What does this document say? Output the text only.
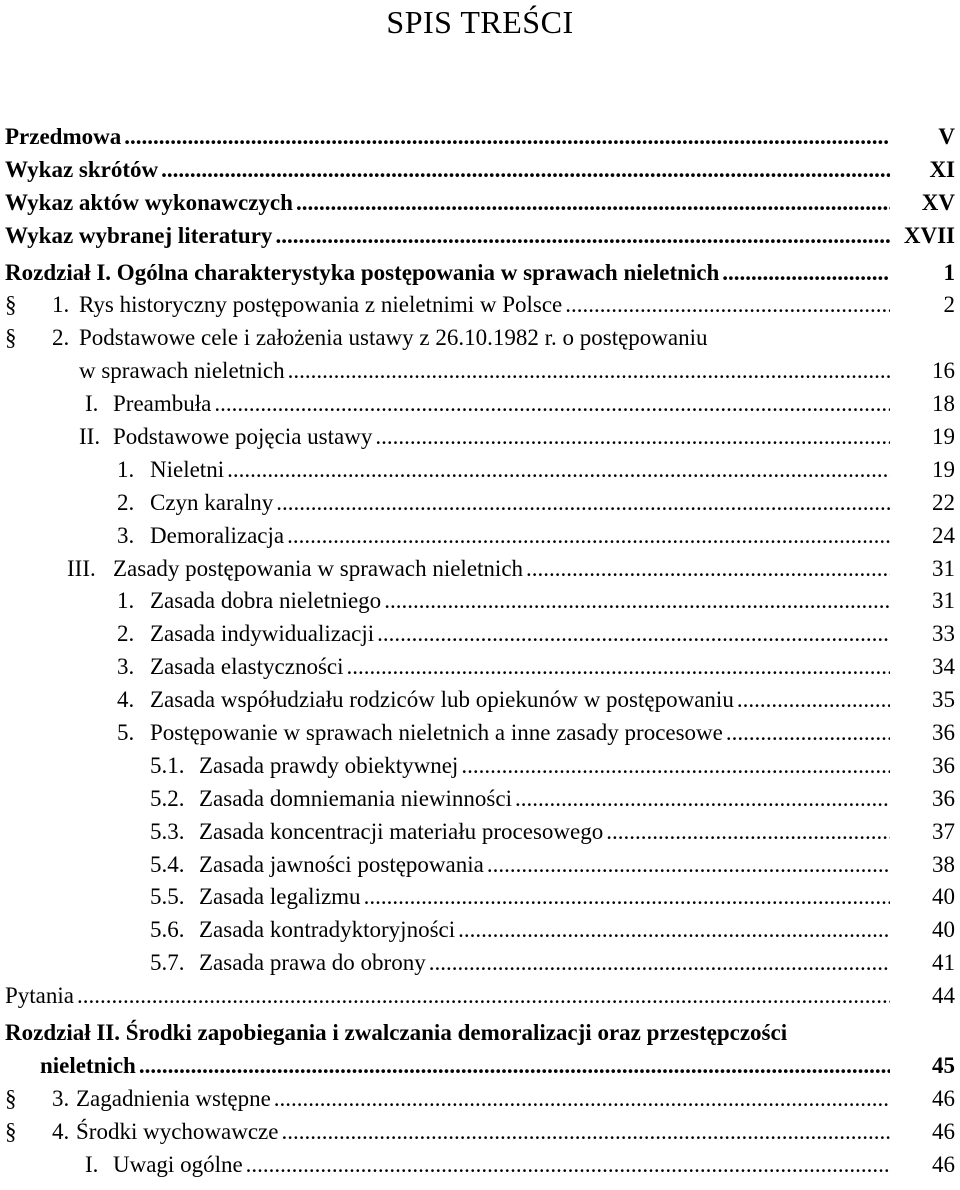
SPIS TREŚCI
Przedmowa .....	V
Wykaz skrótów .....	XI
Wykaz aktów wykonawczych .....	XV
Wykaz wybranej literatury .....	XVII
Rozdział I. Ogólna charakterystyka postępowania w sprawach nieletnich .....	1
§ 1. Rys historyczny postępowania z nieletnimi w Polsce .....	2
§ 2. Podstawowe cele i założenia ustawy z 26.10.1982 r. o postępowaniu
w sprawach nieletnich .....	16
I. Preambuła .....	18
II. Podstawowe pojęcia ustawy .....	19
1. Nieletni .....	19
2. Czyn karalny .....	22
3. Demoralizacja .....	24
III. Zasady postępowania w sprawach nieletnich .....	31
1. Zasada dobra nieletniego .....	31
2. Zasada indywidualizacji .....	33
3. Zasada elastyczności .....	34
4. Zasada współudziału rodziców lub opiekunów w postępowaniu .....	35
5. Postępowanie w sprawach nieletnich a inne zasady procesowe .....	36
5.1. Zasada prawdy obiektywnej .....	36
5.2. Zasada domniemania niewinności .....	36
5.3. Zasada koncentracji materiału procesowego .....	37
5.4. Zasada jawności postępowania .....	38
5.5. Zasada legalizmu .....	40
5.6. Zasada kontradyktoryjności .....	40
5.7. Zasada prawa do obrony .....	41
Pytania .....	44
Rozdział II. Środki zapobiegania i zwalczania demoralizacji oraz przestępczości
nieletnich .....	45
§ 3. Zagadnienia wstępne .....	46
§ 4. Środki wychowawcze .....	46
I. Uwagi ogólne .....	46
